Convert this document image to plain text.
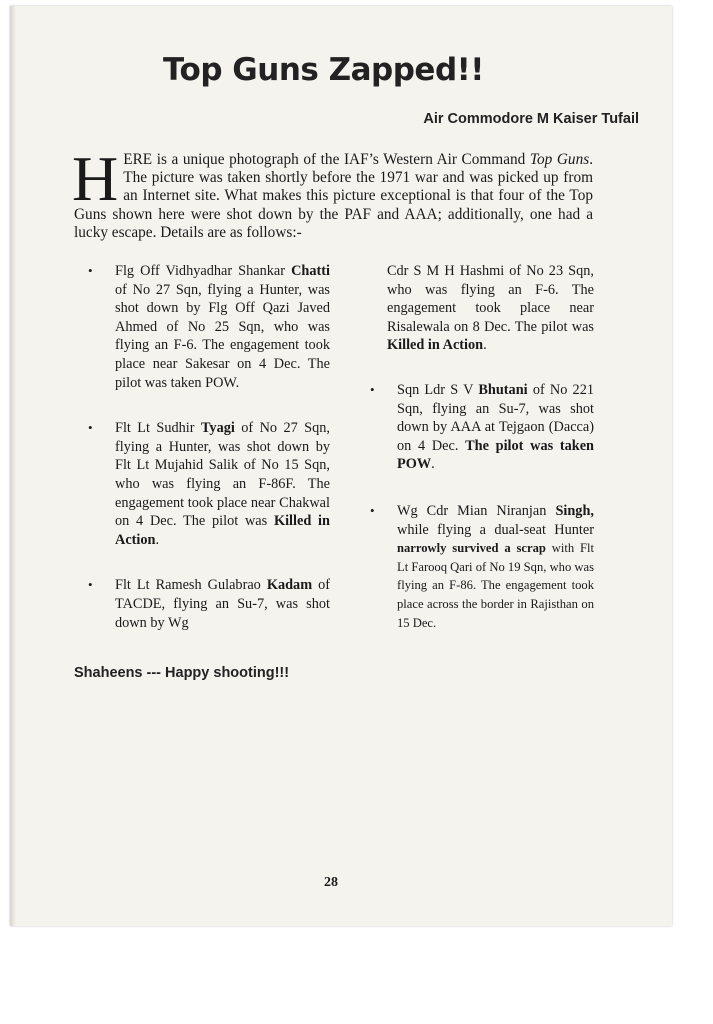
Top Guns Zapped!!
Air Commodore M Kaiser Tufail

HERE is a unique photograph of the IAF’s Western Air Command Top Guns. The picture was taken shortly before the 1971 war and was picked up from an Internet site. What makes this picture exceptional is that four of the Top Guns shown here were shot down by the PAF and AAA; additionally, one had a lucky escape. Details are as follows:-

• Flg Off Vidhyadhar Shankar Chatti of No 27 Sqn, flying a Hunter, was shot down by Flg Off Qazi Javed Ahmed of No 25 Sqn, who was flying an F-6. The engagement took place near Sakesar on 4 Dec. The pilot was taken POW.
• Flt Lt Sudhir Tyagi of No 27 Sqn, flying a Hunter, was shot down by Flt Lt Mujahid Salik of No 15 Sqn, who was flying an F-86F. The engagement took place near Chakwal on 4 Dec. The pilot was Killed in Action.
• Flt Lt Ramesh Gulabrao Kadam of TACDE, flying an Su-7, was shot down by Wg
Cdr S M H Hashmi of No 23 Sqn, who was flying an F-6. The engagement took place near Risalewala on 8 Dec. The pilot was Killed in Action.
• Sqn Ldr S V Bhutani of No 221 Sqn, flying an Su-7, was shot down by AAA at Tejgaon (Dacca) on 4 Dec. The pilot was taken POW.
• Wg Cdr Mian Niranjan Singh, while flying a dual-seat Hunter narrowly survived a scrap with Flt Lt Farooq Qari of No 19 Sqn, who was flying an F-86. The engagement took place across the border in Rajisthan on 15 Dec.
Shaheens --- Happy shooting!!!
28
